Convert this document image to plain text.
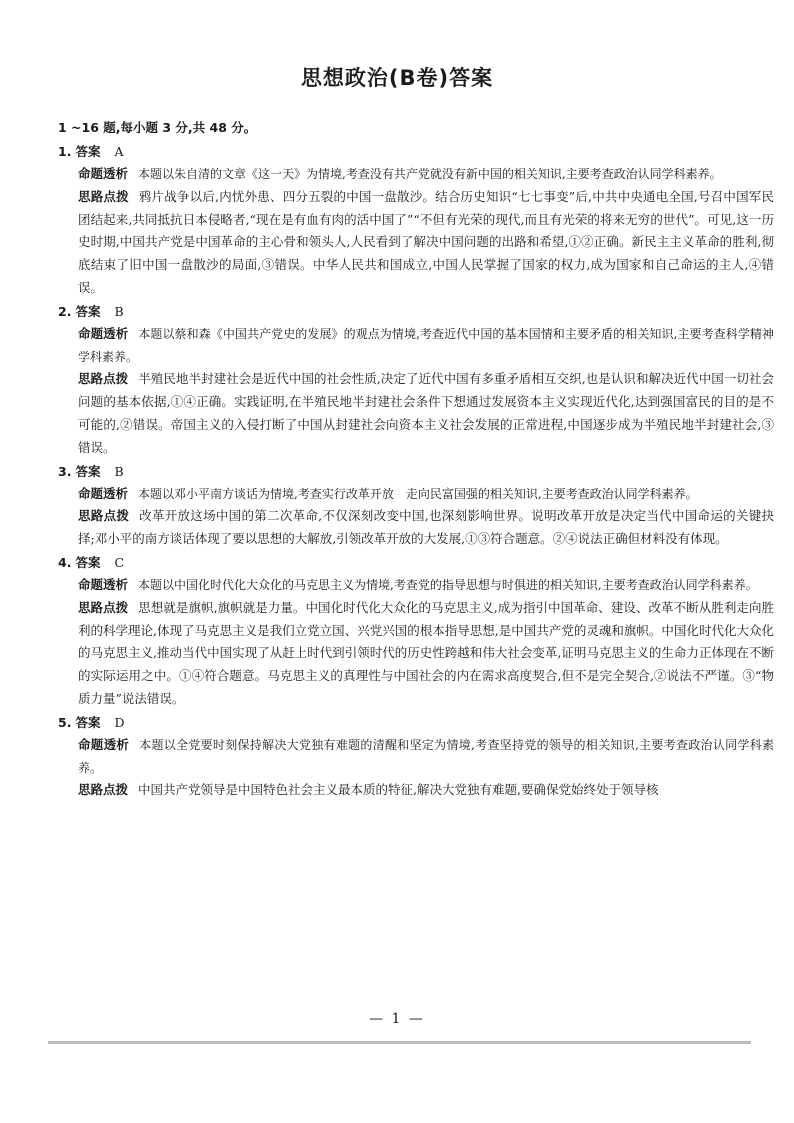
思想政治(B卷)答案
1 ~16 题,每小题 3 分,共 48 分。
1. 答案 A
命题透析 本题以朱自清的文章《这一天》为情境,考查没有共产党就没有新中国的相关知识,主要考查政治认同学科素养。
思路点拨 鸦片战争以后,内忧外患、四分五裂的中国一盘散沙。结合历史知识“七七事变”后,中共中央通电全国,号召中国军民团结起来,共同抵抗日本侵略者,“现在是有血有肉的活中国了”“不但有光荣的现代,而且有光荣的将来无穷的世代”。可见,这一历史时期,中国共产党是中国革命的主心骨和领头人,人民看到了解决中国问题的出路和希望,①②正确。新民主主义革命的胜利,彻底结束了旧中国一盘散沙的局面,③错误。中华人民共和国成立,中国人民掌握了国家的权力,成为国家和自己命运的主人,④错误。
2. 答案 B
命题透析 本题以蔡和森《中国共产党史的发展》的观点为情境,考查近代中国的基本国情和主要矛盾的相关知识,主要考查科学精神学科素养。
思路点拨 半殖民地半封建社会是近代中国的社会性质,决定了近代中国有多重矛盾相互交织,也是认识和解决近代中国一切社会问题的基本依据,①④正确。实践证明,在半殖民地半封建社会条件下想通过发展资本主义实现近代化,达到强国富民的目的是不可能的,②错误。帝国主义的入侵打断了中国从封建社会向资本主义社会发展的正常进程,中国逐步成为半殖民地半封建社会,③错误。
3. 答案 B
命题透析 本题以邓小平南方谈话为情境,考查实行改革开放　走向民富国强的相关知识,主要考查政治认同学科素养。
思路点拨 改革开放这场中国的第二次革命,不仅深刻改变中国,也深刻影响世界。说明改革开放是决定当代中国命运的关键抉择;邓小平的南方谈话体现了要以思想的大解放,引领改革开放的大发展,①③符合题意。②④说法正确但材料没有体现。
4. 答案 C
命题透析 本题以中国化时代化大众化的马克思主义为情境,考查党的指导思想与时俱进的相关知识,主要考查政治认同学科素养。
思路点拨 思想就是旗帜,旗帜就是力量。中国化时代化大众化的马克思主义,成为指引中国革命、建设、改革不断从胜利走向胜利的科学理论,体现了马克思主义是我们立党立国、兴党兴国的根本指导思想,是中国共产党的灵魂和旗帜。中国化时代化大众化的马克思主义,推动当代中国实现了从赶上时代到引领时代的历史性跨越和伟大社会变革,证明马克思主义的生命力正体现在不断的实际运用之中。①④符合题意。马克思主义的真理性与中国社会的内在需求高度契合,但不是完全契合,②说法不严谨。③“物质力量”说法错误。
5. 答案 D
命题透析 本题以全党要时刻保持解决大党独有难题的清醒和坚定为情境,考查坚持党的领导的相关知识,主要考查政治认同学科素养。
思路点拨 中国共产党领导是中国特色社会主义最本质的特征,解决大党独有难题,要确保党始终处于领导核
— 1 —
